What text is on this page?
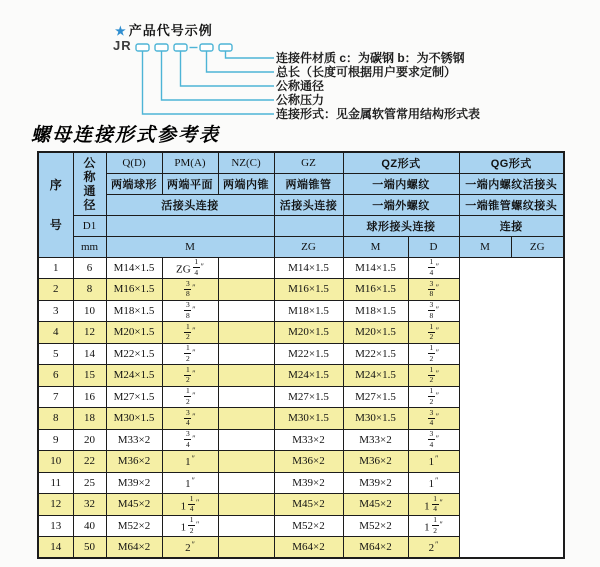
★ 产品代号示例
JR
连接件材质 c：为碳钢 b：为不锈钢
总长（长度可根据用户要求定制）
公称通径
公称压力
连接形式：见金属软管常用结构形式表
螺母连接形式参考表
序
号

公
称
通
径
	Q(D)	PM(A)	NZ(C)	GZ	QZ形式	QG形式
		两端球形	两端平面	两端内锥	两端锥管	一端内螺纹		一端内螺纹活接头	
		活接头连接			活接头连接	一端外螺纹		一端锥管螺纹接头	
	D1					球形接头连接		连接	
	mm	M			ZG	M	D	M	ZG
1	6	M14×1.5	ZG  $\frac{1}{4} ''$		M14×1.5	M14×1.5	$\frac{1}{4} ''$
2	8	M16×1.5	$\frac{3}{8} ''$		M16×1.5	M16×1.5	$\frac{3}{8} ''$
3	10	M18×1.5	$\frac{3}{8} ''$		M18×1.5	M18×1.5	$\frac{3}{8} ''$
4	12	M20×1.5	$\frac{1}{2} ''$		M20×1.5	M20×1.5	$\frac{1}{2} ''$
5	14	M22×1.5	$\frac{1}{2} ''$		M22×1.5	M22×1.5	$\frac{1}{2} ''$
6	15	M24×1.5	$\frac{1}{2} ''$		M24×1.5	M24×1.5	$\frac{1}{2} ''$
7	16	M27×1.5	$\frac{1}{2} ''$		M27×1.5	M27×1.5	$\frac{1}{2} ''$
8	18	M30×1.5	$\frac{3}{4} ''$		M30×1.5	M30×1.5	$\frac{3}{4} ''$
9	20	M33×2	$\frac{3}{4} ''$		M33×2	M33×2	$\frac{3}{4} ''$
10	22	M36×2	1″		M36×2	M36×2	1″
11	25	M39×2	1″		M39×2	M39×2	1″
12	32	M45×2	$1 \frac{1}{4} ''$		M45×2	M45×2	$1 \frac{1}{4} ''$
13	40	M52×2	$1 \frac{1}{2} ''$		M52×2	M52×2	$1 \frac{1}{2} ''$
14	50	M64×2	2″		M64×2	M64×2	2″
